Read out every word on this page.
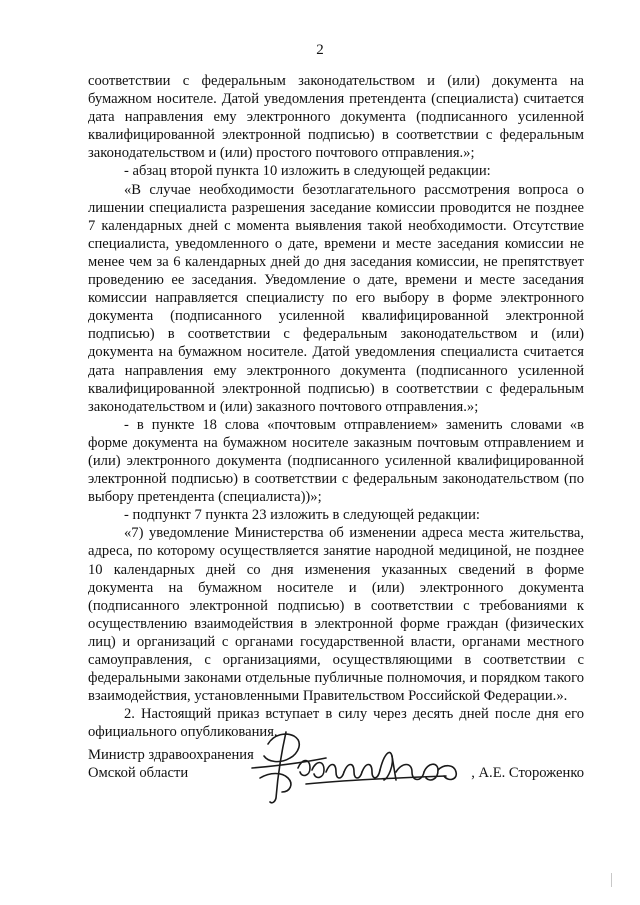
2

соответствии с федеральным законодательством и (или) документа на бумажном носителе. Датой уведомления претендента (специалиста) считается дата направления ему электронного документа (подписанного усиленной квалифицированной электронной подписью) в соответствии с федеральным законодательством и (или) простого почтового отправления.»;

- абзац второй пункта 10 изложить в следующей редакции:

«В случае необходимости безотлагательного рассмотрения вопроса о лишении специалиста разрешения заседание комиссии проводится не позднее 7 календарных дней с момента выявления такой необходимости. Отсутствие специалиста, уведомленного о дате, времени и месте заседания комиссии не менее чем за 6 календарных дней до дня заседания комиссии, не препятствует проведению ее заседания. Уведомление о дате, времени и месте заседания комиссии направляется специалисту по его выбору в форме электронного документа (подписанного усиленной квалифицированной электронной подписью) в соответствии с федеральным законодательством и (или) документа на бумажном носителе. Датой уведомления специалиста считается дата направления ему электронного документа (подписанного усиленной квалифицированной электронной подписью) в соответствии с федеральным законодательством и (или) заказного почтового отправления.»;

- в пункте 18 слова «почтовым отправлением» заменить словами «в форме документа на бумажном носителе заказным почтовым отправлением и (или) электронного документа (подписанного усиленной квалифицированной электронной подписью) в соответствии с федеральным законодательством (по выбору претендента (специалиста))»;

- подпункт 7 пункта 23 изложить в следующей редакции:

«7) уведомление Министерства об изменении адреса места жительства, адреса, по которому осуществляется занятие народной медициной, не позднее 10 календарных дней со дня изменения указанных сведений в форме документа на бумажном носителе и (или) электронного документа (подписанного электронной подписью) в соответствии с требованиями к осуществлению взаимодействия в электронной форме граждан (физических лиц) и организаций с органами государственной власти, органами местного самоуправления, с организациями, осуществляющими в соответствии с федеральными законами отдельные публичные полномочия, и порядком такого взаимодействия, установленными Правительством Российской Федерации.».

2. Настоящий приказ вступает в силу через десять дней после дня его официального опубликования.

Министр здравоохранения
Омской области	, А.Е. Стороженко
